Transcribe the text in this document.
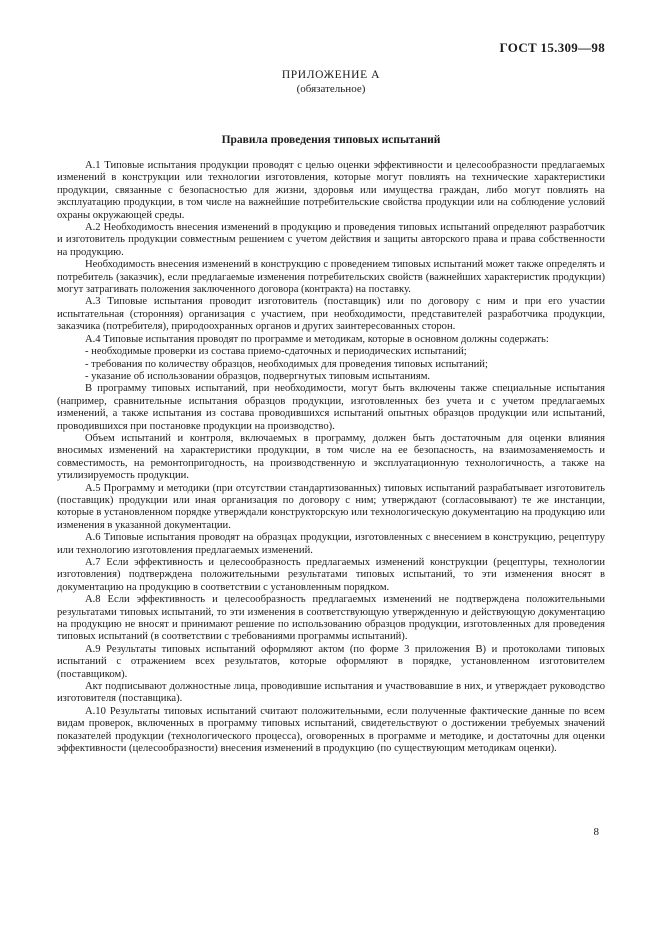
ГОСТ 15.309—98
ПРИЛОЖЕНИЕ А
(обязательное)
Правила проведения типовых испытаний

А.1 Типовые испытания продукции проводят с целью оценки эффективности и целесообразности предлагаемых изменений в конструкции или технологии изготовления, которые могут повлиять на технические характеристики продукции, связанные с безопасностью для жизни, здоровья или имущества граждан, либо могут повлиять на эксплуатацию продукции, в том числе на важнейшие потребительские свойства продукции или на соблюдение условий охраны окружающей среды.

А.2 Необходимость внесения изменений в продукцию и проведения типовых испытаний определяют разработчик и изготовитель продукции совместным решением с учетом действия и защиты авторского права и права собственности на продукцию.

Необходимость внесения изменений в конструкцию с проведением типовых испытаний может также определять и потребитель (заказчик), если предлагаемые изменения потребительских свойств (важнейших характеристик продукции) могут затрагивать положения заключенного договора (контракта) на поставку.

А.3 Типовые испытания проводит изготовитель (поставщик) или по договору с ним и при его участии испытательная (сторонняя) организация с участием, при необходимости, представителей разработчика продукции, заказчика (потребителя), природоохранных органов и других заинтересованных сторон.

А.4 Типовые испытания проводят по программе и методикам, которые в основном должны содержать:

- необходимые проверки из состава приемо-сдаточных и периодических испытаний;

- требования по количеству образцов, необходимых для проведения типовых испытаний;

- указание об использовании образцов, подвергнутых типовым испытаниям.

В программу типовых испытаний, при необходимости, могут быть включены также специальные испытания (например, сравнительные испытания образцов продукции, изготовленных без учета и с учетом предлагаемых изменений, а также испытания из состава проводившихся испытаний опытных образцов продукции или испытаний, проводившихся при постановке продукции на производство).

Объем испытаний и контроля, включаемых в программу, должен быть достаточным для оценки влияния вносимых изменений на характеристики продукции, в том числе на ее безопасность, на взаимозаменяемость и совместимость, на ремонтопригодность, на производственную и эксплуатационную технологичность, а также на утилизируемость продукции.

А.5 Программу и методики (при отсутствии стандартизованных) типовых испытаний разрабатывает изготовитель (поставщик) продукции или иная организация по договору с ним; утверждают (согласовывают) те же инстанции, которые в установленном порядке утверждали конструкторскую или технологическую документацию на продукцию или изменения в указанной документации.

А.6 Типовые испытания проводят на образцах продукции, изготовленных с внесением в конструкцию, рецептуру или технологию изготовления предлагаемых изменений.

А.7 Если эффективность и целесообразность предлагаемых изменений конструкции (рецептуры, технологии изготовления) подтверждена положительными результатами типовых испытаний, то эти изменения вносят в документацию на продукцию в соответствии с установленным порядком.

А.8 Если эффективность и целесообразность предлагаемых изменений не подтверждена положительными результатами типовых испытаний, то эти изменения в соответствующую утвержденную и действующую документацию на продукцию не вносят и принимают решение по использованию образцов продукции, изготовленных для проведения типовых испытаний (в соответствии с требованиями программы испытаний).

А.9 Результаты типовых испытаний оформляют актом (по форме 3 приложения В) и протоколами типовых испытаний с отражением всех результатов, которые оформляют в порядке, установленном изготовителем (поставщиком).

Акт подписывают должностные лица, проводившие испытания и участвовавшие в них, и утверждает руководство изготовителя (поставщика).

А.10 Результаты типовых испытаний считают положительными, если полученные фактические данные по всем видам проверок, включенных в программу типовых испытаний, свидетельствуют о достижении требуемых значений показателей продукции (технологического процесса), оговоренных в программе и методике, и достаточны для оценки эффективности (целесообразности) внесения изменений в продукцию (по существующим методикам оценки).

8
